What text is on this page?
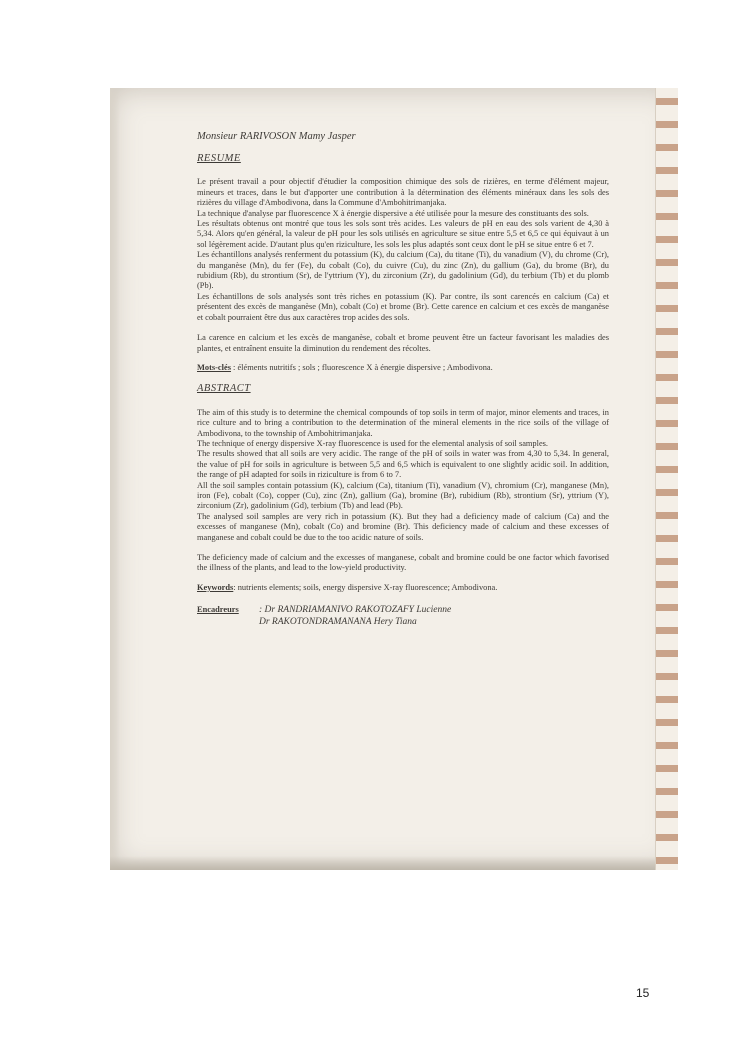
Monsieur RARIVOSON Mamy Jasper
RESUME

Le présent travail a pour objectif d'étudier la composition chimique des sols de rizières, en terme d'élément majeur, mineurs et traces, dans le but d'apporter une contribution à la détermination des éléments minéraux dans les sols des rizières du village d'Ambodivona, dans la Commune d'Ambohitrimanjaka.

La technique d'analyse par fluorescence X à énergie dispersive a été utilisée pour la mesure des constituants des sols.

Les résultats obtenus ont montré que tous les sols sont très acides. Les valeurs de pH en eau des sols varient de 4,30 à 5,34. Alors qu'en général, la valeur de pH pour les sols utilisés en agriculture se situe entre 5,5 et 6,5 ce qui équivaut à un sol légèrement acide. D'autant plus qu'en riziculture, les sols les plus adaptés sont ceux dont le pH se situe entre 6 et 7.

Les échantillons analysés renferment du potassium (K), du calcium (Ca), du titane (Ti), du vanadium (V), du chrome (Cr), du manganèse (Mn), du fer (Fe), du cobalt (Co), du cuivre (Cu), du zinc (Zn), du gallium (Ga), du brome (Br), du rubidium (Rb), du strontium (Sr), de l'yttrium (Y), du zirconium (Zr), du gadolinium (Gd), du terbium (Tb) et du plomb (Pb).

Les échantillons de sols analysés sont très riches en potassium (K). Par contre, ils sont carencés en calcium (Ca) et présentent des excès de manganèse (Mn), cobalt (Co) et brome (Br). Cette carence en calcium et ces excès de manganèse et cobalt pourraient être dus aux caractères trop acides des sols.

La carence en calcium et les excès de manganèse, cobalt et brome peuvent être un facteur favorisant les maladies des plantes, et entraînent ensuite la diminution du rendement des récoltes.

Mots-clés : éléments nutritifs ; sols ; fluorescence X à énergie dispersive ; Ambodivona.
ABSTRACT

The aim of this study is to determine the chemical compounds of top soils in term of major, minor elements and traces, in rice culture and to bring a contribution to the determination of the mineral elements in the rice soils of the village of Ambodivona, to the township of Ambohitrimanjaka.

The technique of energy dispersive X-ray fluorescence is used for the elemental analysis of soil samples.

The results showed that all soils are very acidic. The range of the pH of soils in water was from 4,30 to 5,34. In general, the value of pH for soils in agriculture is between 5,5 and 6,5 which is equivalent to one slightly acidic soil. In addition, the range of pH adapted for soils in riziculture is from 6 to 7.

All the soil samples contain potassium (K), calcium (Ca), titanium (Ti), vanadium (V), chromium (Cr), manganese (Mn), iron (Fe), cobalt (Co), copper (Cu), zinc (Zn), gallium (Ga), bromine (Br), rubidium (Rb), strontium (Sr), yttrium (Y), zirconium (Zr), gadolinium (Gd), terbium (Tb) and lead (Pb).

The analysed soil samples are very rich in potassium (K). But they had a deficiency made of calcium (Ca) and the excesses of manganese (Mn), cobalt (Co) and bromine (Br). This deficiency made of calcium and these excesses of manganese and cobalt could be due to the too acidic nature of soils.

The deficiency made of calcium and the excesses of manganese, cobalt and bromine could be one factor which favorised the illness of the plants, and lead to the low-yield productivity.

Keywords: nutrients elements; soils, energy dispersive X-ray fluorescence; Ambodivona.
Encadreurs : Dr RANDRIAMANIVO RAKOTOZAFY Lucienne
Dr RAKOTONDRAMANANA Hery Tiana
15
